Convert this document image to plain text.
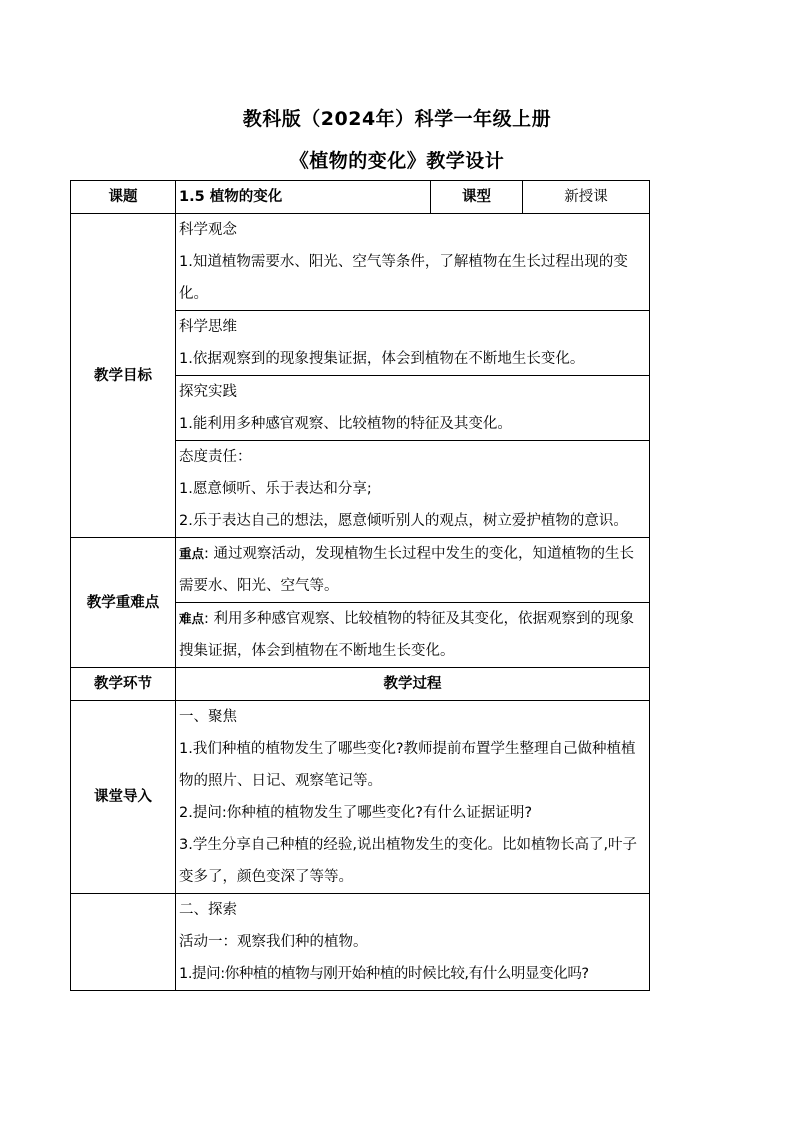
教科版（2024年）科学一年级上册
《植物的变化》教学设计
课题	1.5 植物的变化	课型	新授课
教学目标	科学观念
1.知道植物需要水、阳光、空气等条件，了解植物在生长过程出现的变化。		

	科学思维
1.依据观察到的现象搜集证据，体会到植物在不断地生长变化。		

	探究实践
1.能利用多种感官观察、比较植物的特征及其变化。		

	态度责任：
1.愿意倾听、乐于表达和分享;
2.乐于表达自己的想法，愿意倾听别人的观点，树立爱护植物的意识。		

教学重难点	重点: 通过观察活动，发现植物生长过程中发生的变化，知道植物的生长需要水、阳光、空气等。		
	难点: 利用多种感官观察、比较植物的特征及其变化，依据观察到的现象搜集证据，体会到植物在不断地生长变化。		
教学环节	教学过程		
课堂导入	一、聚焦
1.我们种植的植物发生了哪些变化?教师提前布置学生整理自己做种植植物的照片、日记、观察笔记等。
2.提问:你种植的植物发生了哪些变化?有什么证据证明?
3.学生分享自己种植的经验,说出植物发生的变化。比如植物长高了,叶子变多了，颜色变深了等等。		

	二、探索
活动一：观察我们种的植物。
1.提问:你种植的植物与刚开始种植的时候比较,有什么明显变化吗?		
